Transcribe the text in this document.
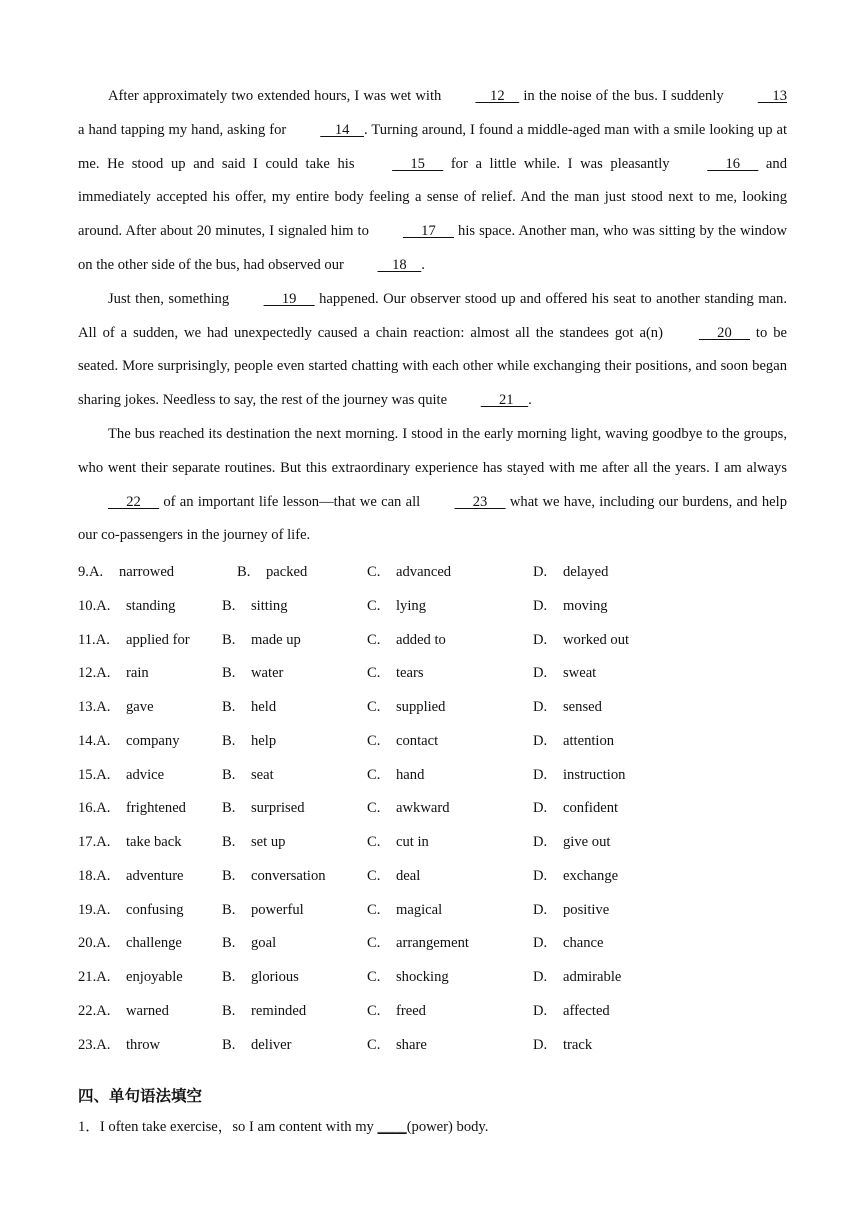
After approximately two extended hours, I was wet with     12     in the noise of the bus. I suddenly     13 a hand tapping my hand, asking for     14    . Turning around, I found a middle-aged man with a smile looking up at me. He stood up and said I could take his      15      for a little while. I was pleasantly      16      and immediately accepted his offer, my entire body feeling a sense of relief. And the man just stood next to me, looking around. After about 20 minutes, I signaled him to      17      his space. Another man, who was sitting by the window on the other side of the bus, had observed our     18    .

Just then, something      19      happened. Our observer stood up and offered his seat to another standing man. All of a sudden, we had unexpectedly caused a chain reaction: almost all the standees got a(n)      20      to be seated. More surprisingly, people even started chatting with each other while exchanging their positions, and soon began sharing jokes. Needless to say, the rest of the journey was quite      21    .

The bus reached its destination the next morning. I stood in the early morning light, waving goodbye to the groups, who went their separate routines. But this extraordinary experience has stayed with me after all the years. I am always      22      of an important life lesson—that we can all      23      what we have, including our burdens, and help our co-passengers in the journey of life.

9.A. narrowed	B. packed	C. advanced	D. delayed
10.A. standing	B. sitting	C. lying	D. moving
11.A. applied for B. made up	C. added to	D. worked out
12.A. rain	B. water	C. tears	D. sweat
13.A. gave	B. held	C. supplied	D. sensed
14.A. company	B. help	C. contact	D. attention
15.A. advice	B. seat	C. hand	D. instruction
16.A. frightened B. surprised	C. awkward	D. confident
17.A. take back	B. set up	C. cut in	D. give out
18.A. adventure	B. conversation	C. deal	D. exchange
19.A. confusing	B. powerful	C. magical	D. positive
20.A. challenge	B. goal	C. arrangement	D. chance
21.A. enjoyable	B. glorious	C. shocking	D. admirable
22.A. warned	B. reminded	C. freed	D. affected
23.A. throw	B. deliver	C. share	D. track
四、单句语法填空
1．I often take exercise，so I am content with my ____(power) body.
